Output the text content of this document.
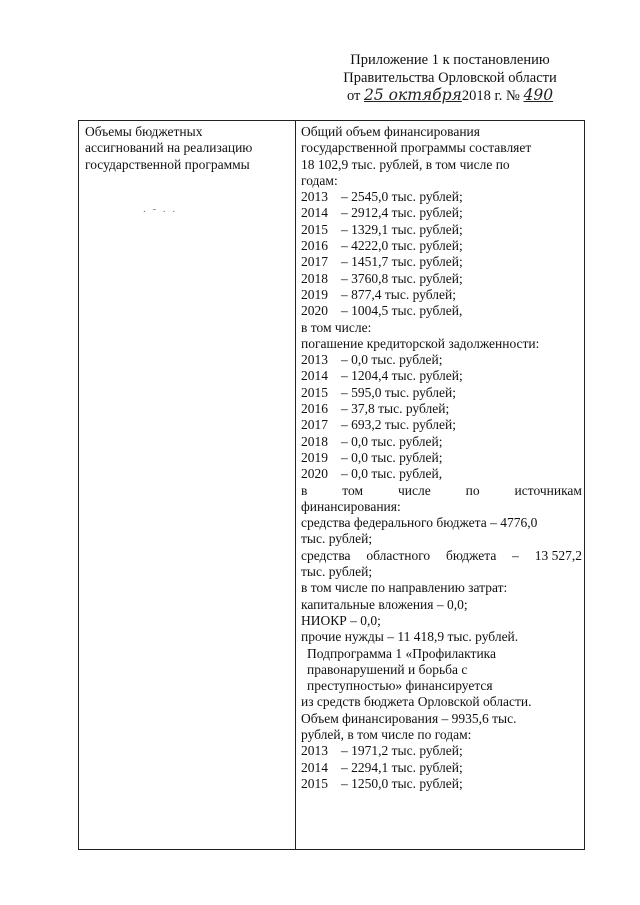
Приложение 1 к постановлению
Правительства Орловской области
от 25 октября2018 г. № 490
Объемы бюджетных
ассигнований на реализацию
государственной программы
. - . .
Общий объем финансирования
государственной программы составляет
18 102,9 тыс. рублей, в том числе по
годам:
2013 – 2545,0 тыс. рублей;
2014 – 2912,4 тыс. рублей;
2015 – 1329,1 тыс. рублей;
2016 – 4222,0 тыс. рублей;
2017 – 1451,7 тыс. рублей;
2018 – 3760,8 тыс. рублей;
2019 – 877,4 тыс. рублей;
2020 – 1004,5 тыс. рублей,
в том числе:
погашение кредиторской задолженности:
2013 – 0,0 тыс. рублей;
2014 – 1204,4 тыс. рублей;
2015 – 595,0 тыс. рублей;
2016 – 37,8 тыс. рублей;
2017 – 693,2 тыс. рублей;
2018 – 0,0 тыс. рублей;
2019 – 0,0 тыс. рублей;
2020 – 0,0 тыс. рублей,
в	том	числе	по	источникам
финансирования:
средства федерального бюджета – 4776,0
тыс. рублей;
средства областного бюджета – 13 527,2
тыс. рублей;
в том числе по направлению затрат:
капитальные вложения – 0,0;
НИОКР – 0,0;
прочие нужды – 11 418,9 тыс. рублей.
Подпрограмма 1 «Профилактика
правонарушений и борьба с
преступностью» финансируется
из средств бюджета Орловской области.
Объем финансирования – 9935,6 тыс.
рублей, в том числе по годам:
2013 – 1971,2 тыс. рублей;
2014 – 2294,1 тыс. рублей;
2015 – 1250,0 тыс. рублей;
